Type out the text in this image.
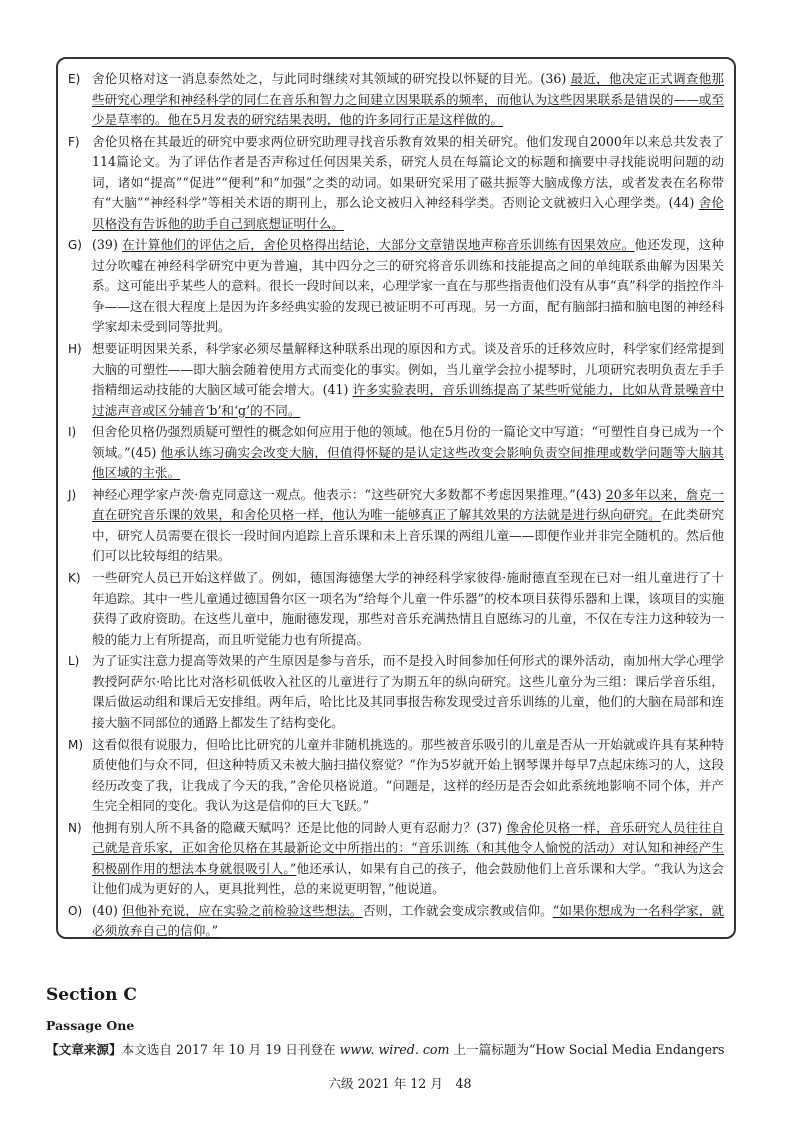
E) 舍伦贝格对这一消息泰然处之，与此同时继续对其领域的研究投以怀疑的目光。(36) 最近，他决定正式调查他那些研究心理学和神经科学的同仁在音乐和智力之间建立因果联系的频率，而他认为这些因果联系是错误的——或至少是草率的。他在5月发表的研究结果表明，他的许多同行正是这样做的。
F) 舍伦贝格在其最近的研究中要求两位研究助理寻找音乐教育效果的相关研究。他们发现自2000年以来总共发表了114篇论文。为了评估作者是否声称过任何因果关系，研究人员在每篇论文的标题和摘要中寻找能说明问题的动词，诸如“提高”“促进”“便利”和“加强”之类的动词。如果研究采用了磁共振等大脑成像方法，或者发表在名称带有“大脑”“神经科学”等相关术语的期刊上，那么论文被归入神经科学类。否则论文就被归入心理学类。(44) 舍伦贝格没有告诉他的助手自己到底想证明什么。
G) (39) 在计算他们的评估之后，舍伦贝格得出结论，大部分文章错误地声称音乐训练有因果效应。他还发现，这种过分吹嘘在神经科学研究中更为普遍，其中四分之三的研究将音乐训练和技能提高之间的单纯联系曲解为因果关系。这可能出乎某些人的意料。很长一段时间以来，心理学家一直在与那些指责他们没有从事“真”科学的指控作斗争——这在很大程度上是因为许多经典实验的发现已被证明不可再现。另一方面，配有脑部扫描和脑电图的神经科学家却未受到同等批判。
H) 想要证明因果关系，科学家必须尽量解释这种联系出现的原因和方式。谈及音乐的迁移效应时，科学家们经常提到大脑的可塑性——即大脑会随着使用方式而变化的事实。例如，当儿童学会拉小提琴时，儿项研究表明负责左手手指精细运动技能的大脑区域可能会增大。(41) 许多实验表明，音乐训练提高了某些听觉能力，比如从背景噪音中过滤声音或区分辅音‘b’和‘g’的不同。
I)	但舍伦贝格仍强烈质疑可塑性的概念如何应用于他的领域。他在5月份的一篇论文中写道：“可塑性自身已成为一个领域。”(45) 他承认练习确实会改变大脑，但值得怀疑的是认定这些改变会影响负责空间推理或数学问题等大脑其他区域的主张。
J)	神经心理学家卢茨·詹克同意这一观点。他表示：“这些研究大多数都不考虑因果推理。”(43) 20多年以来，詹克一直在研究音乐课的效果，和舍伦贝格一样，他认为唯一能够真正了解其效果的方法就是进行纵向研究。在此类研究中，研究人员需要在很长一段时间内追踪上音乐课和未上音乐课的两组儿童——即便作业并非完全随机的。然后他们可以比较每组的结果。
K) 一些研究人员已开始这样做了。例如，德国海德堡大学的神经科学家彼得·施耐德直至现在已对一组儿童进行了十年追踪。其中一些儿童通过德国鲁尔区一项名为“给每个儿童一件乐器”的校本项目获得乐器和上课，该项目的实施获得了政府资助。在这些儿童中，施耐德发现，那些对音乐充满热情且自愿练习的儿童，不仅在专注力这种较为一般的能力上有所提高，而且听觉能力也有所提高。
L)	为了证实注意力提高等效果的产生原因是参与音乐，而不是投入时间参加任何形式的课外活动，南加州大学心理学教授阿萨尔·哈比比对洛杉矶低收入社区的儿童进行了为期五年的纵向研究。这些儿童分为三组：课后学音乐组，课后做运动组和课后无安排组。两年后，哈比比及其同事报告称发现受过音乐训练的儿童，他们的大脑在局部和连接大脑不同部位的通路上都发生了结构变化。
M) 这看似很有说服力，但哈比比研究的儿童并非随机挑选的。那些被音乐吸引的儿童是否从一开始就或许具有某种特质使他们与众不同，但这种特质又未被大脑扫描仪察觉？“作为5岁就开始上钢琴课并每早7点起床练习的人，这段经历改变了我，让我成了今天的我，”舍伦贝格说道。“问题是，这样的经历是否会如此系统地影响不同个体，并产生完全相同的变化。我认为这是信仰的巨大飞跃。”
N) 他拥有别人所不具备的隐藏天赋吗？还是比他的同龄人更有忍耐力？(37) 像舍伦贝格一样，音乐研究人员往往自己就是音乐家，正如舍伦贝格在其最新论文中所指出的：“音乐训练（和其他令人愉悦的活动）对认知和神经产生积极副作用的想法本身就很吸引人。”他还承认，如果有自己的孩子，他会鼓励他们上音乐课和大学。“我认为这会让他们成为更好的人，更具批判性，总的来说更明智，”他说道。
O) (40) 但他补充说，应在实验之前检验这些想法。否则，工作就会变成宗教或信仰。“如果你想成为一名科学家，就必须放弃自己的信仰。”
Section C
Passage One
【文章来源】本文选自 2017 年 10 月 19 日刊登在 www. wired. com 上一篇标题为“How Social Media Endangers
六级 2021 年 12 月　48
